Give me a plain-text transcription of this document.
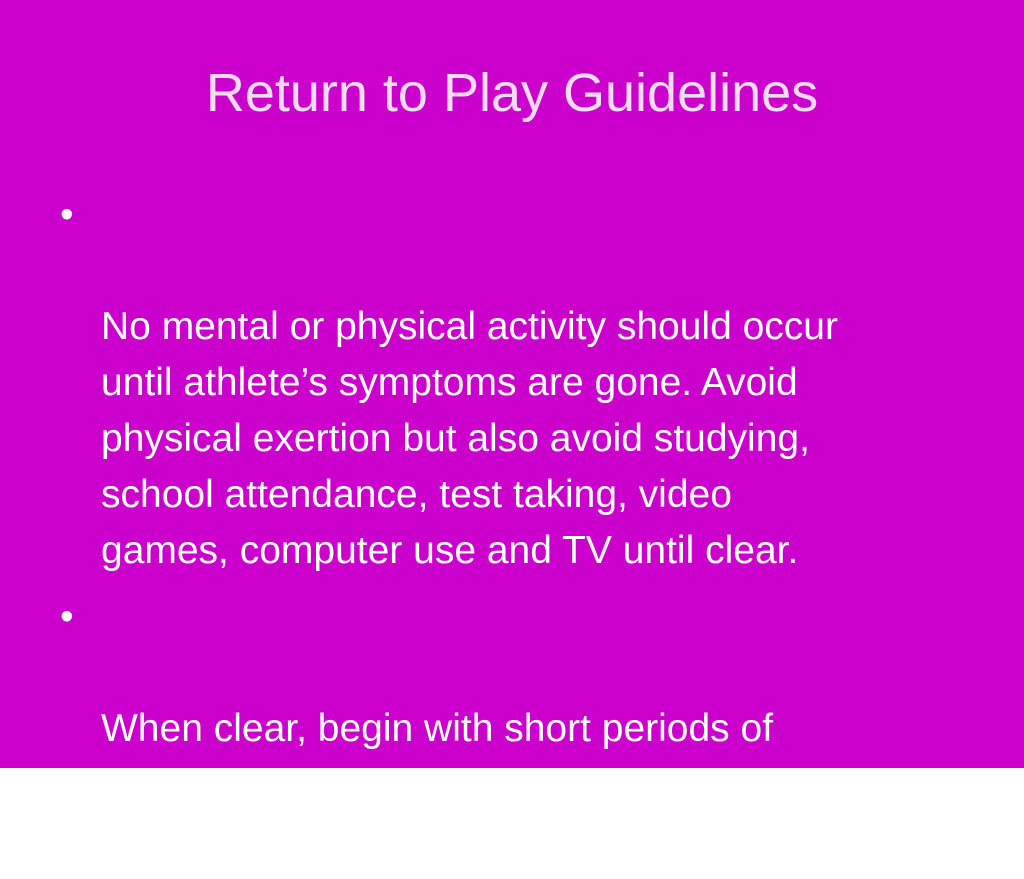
Return to Play Guidelines

•

No mental or physical activity should occur
until athlete’s symptoms are gone. Avoid
physical exertion but also avoid studying,
school attendance, test taking, video
games, computer use and TV until clear.

•

When clear, begin with short periods of
reading, focusing and an abbreviated
school day as tolerated.
